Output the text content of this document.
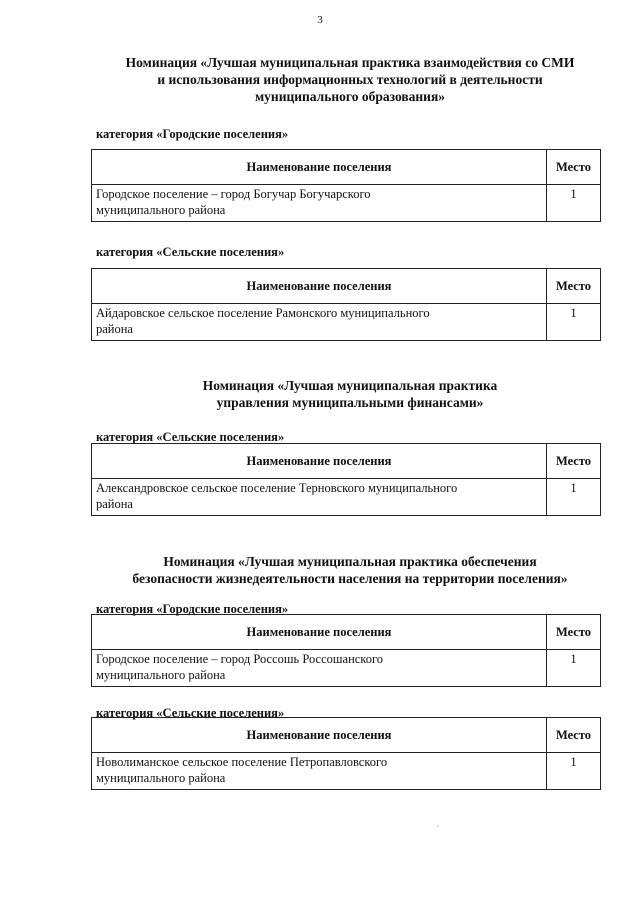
3
Номинация «Лучшая муниципальная практика взаимодействия со СМИ
и использования информационных технологий в деятельности
муниципального образования»
категория «Городские поселения»
Наименование поселения	Место
Городское поселение – город Богучар Богучарского
муниципального района	1
категория «Сельские поселения»
Наименование поселения	Место
Айдаровское сельское поселение Рамонского муниципального
района	1
Номинация «Лучшая муниципальная практика
управления муниципальными финансами»
категория «Сельские поселения»
Наименование поселения	Место
Александровское сельское поселение Терновского муниципального
района	1
Номинация «Лучшая муниципальная практика обеспечения
безопасности жизнедеятельности населения на территории поселения»
категория «Городские поселения»
Наименование поселения	Место
Городское поселение – город Россошь Россошанского
муниципального района	1
категория «Сельские поселения»
Наименование поселения	Место
Новолиманское сельское поселение Петропавловского
муниципального района	1
·
